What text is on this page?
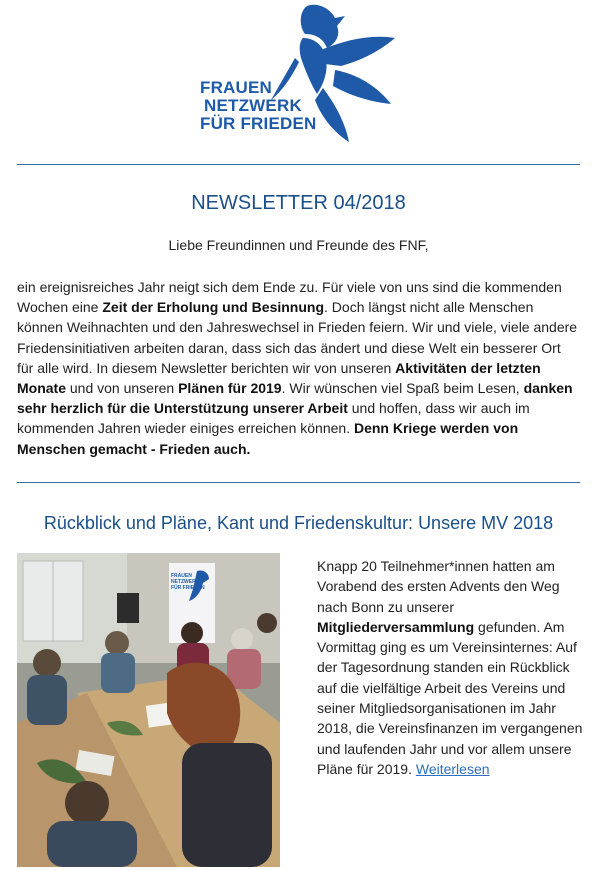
FRAUEN
NETZWERK
FÜR FRIEDEN
NEWSLETTER 04/2018
Liebe Freundinnen und Freunde des FNF,
ein ereignisreiches Jahr neigt sich dem Ende zu. Für viele von uns sind die kommenden Wochen eine Zeit der Erholung und Besinnung. Doch längst nicht alle Menschen können Weihnachten und den Jahreswechsel in Frieden feiern. Wir und viele, viele andere Friedensinitiativen arbeiten daran, dass sich das ändert und diese Welt ein besserer Ort für alle wird. In diesem Newsletter berichten wir von unseren Aktivitäten der letzten Monate und von unseren Plänen für 2019. Wir wünschen viel Spaß beim Lesen, danken sehr herzlich für die Unterstützung unserer Arbeit und hoffen, dass wir auch im kommenden Jahren wieder einiges erreichen können. Denn Kriege werden von Menschen gemacht - Frieden auch.
Rückblick und Pläne, Kant und Friedenskultur: Unsere MV 2018
FRAUEN
NETZWERK
FÜR FRIEDEN
Knapp 20 Teilnehmer*innen hatten am Vorabend des ersten Advents den Weg nach Bonn zu unserer Mitgliederversammlung gefunden. Am Vormittag ging es um Vereinsinternes: Auf der Tagesordnung standen ein Rückblick auf die vielfältige Arbeit des Vereins und seiner Mitgliedsorganisationen im Jahr 2018, die Vereinsfinanzen im vergangenen und laufenden Jahr und vor allem unsere Pläne für 2019. Weiterlesen
